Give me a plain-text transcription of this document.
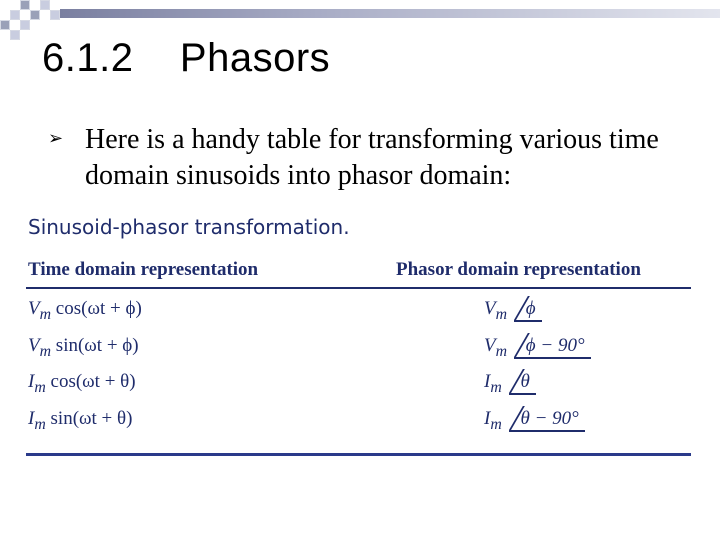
6.1.2    Phasors
➢ Here is a handy table for transforming various time domain sinusoids into phasor domain:
Sinusoid-phasor transformation.
Time domain representation	Phasor domain representation
$V_m$ cos(ωt + ϕ)	$V_m$ ϕ
$V_m$ sin(ωt + ϕ)	$V_m$ ϕ − 90°
$I_m$ cos(ωt + θ)	$I_m$ θ
$I_m$ sin(ωt + θ)	$I_m$ θ − 90°
